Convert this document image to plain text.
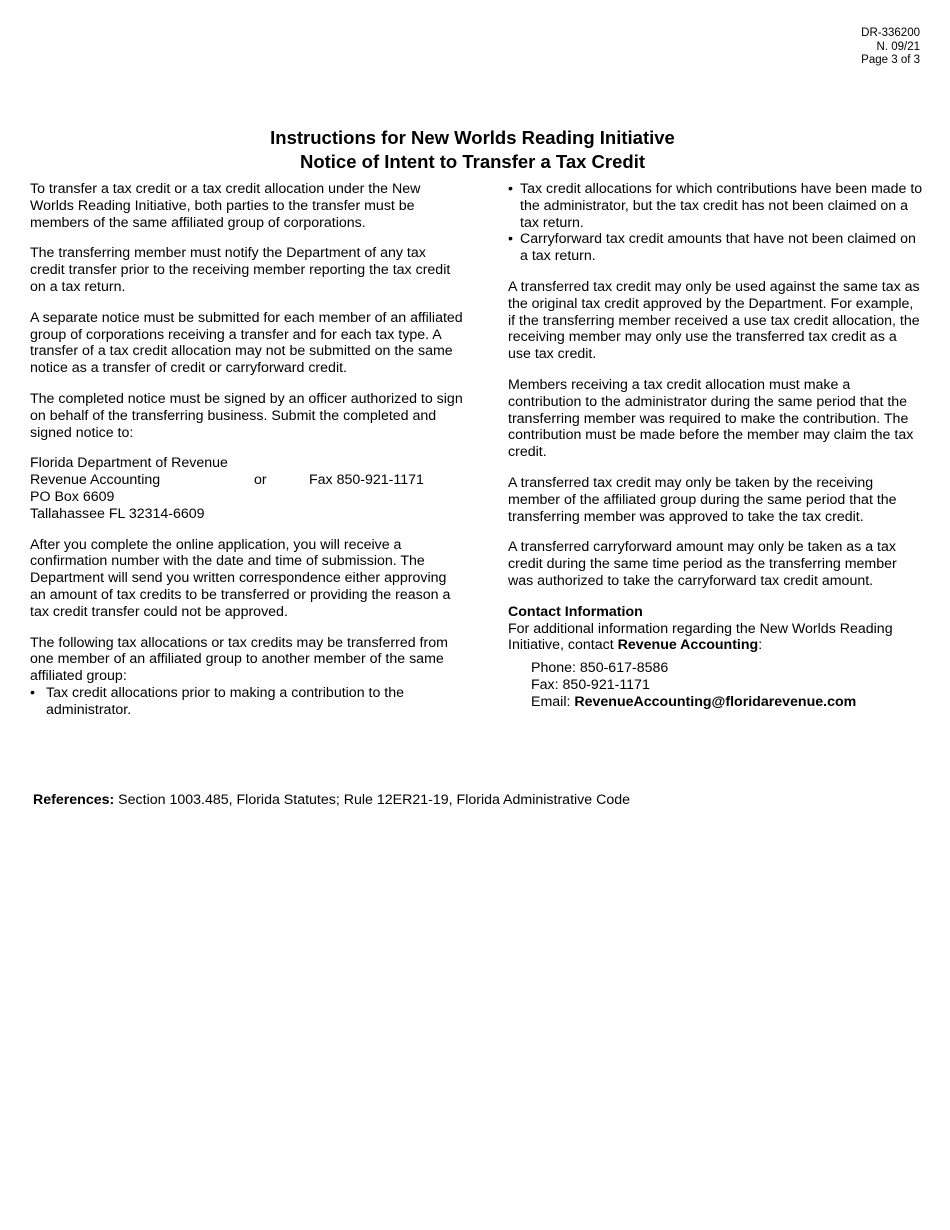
DR-336200
N. 09/21
Page 3 of 3
Instructions for New Worlds Reading Initiative
Notice of Intent to Transfer a Tax Credit

To transfer a tax credit or a tax credit allocation under the New Worlds Reading Initiative, both parties to the transfer must be members of the same affiliated group of corporations.

The transferring member must notify the Department of any tax credit transfer prior to the receiving member reporting the tax credit on a tax return.

A separate notice must be submitted for each member of an affiliated group of corporations receiving a transfer and for each tax type. A transfer of a tax credit allocation may not be submitted on the same notice as a transfer of credit or carryforward credit.

The completed notice must be signed by an officer authorized to sign on behalf of the transferring business. Submit the completed and signed notice to:

Florida Department of Revenue
Revenue Accounting	or	Fax 850-921-1171
PO Box 6609
Tallahassee FL 32314-6609

After you complete the online application, you will receive a confirmation number with the date and time of submission. The Department will send you written correspondence either approving an amount of tax credits to be transferred or providing the reason a tax credit transfer could not be approved.

The following tax allocations or tax credits may be transferred from one member of an affiliated group to another member of the same affiliated group:

• Tax credit allocations prior to making a contribution to the administrator.
• Tax credit allocations for which contributions have been made to the administrator, but the tax credit has not been claimed on a tax return.
• Carryforward tax credit amounts that have not been claimed on a tax return.

A transferred tax credit may only be used against the same tax as the original tax credit approved by the Department. For example, if the transferring member received a use tax credit allocation, the receiving member may only use the transferred tax credit as a use tax credit.

Members receiving a tax credit allocation must make a contribution to the administrator during the same period that the transferring member was required to make the contribution. The contribution must be made before the member may claim the tax credit.

A transferred tax credit may only be taken by the receiving member of the affiliated group during the same period that the transferring member was approved to take the tax credit.

A transferred carryforward amount may only be taken as a tax credit during the same time period as the transferring member was authorized to take the carryforward tax credit amount.

Contact Information
For additional information regarding the New Worlds Reading Initiative, contact Revenue Accounting:
Phone: 850-617-8586
Fax: 850-921-1171
Email: RevenueAccounting@floridarevenue.com
References: Section 1003.485, Florida Statutes; Rule 12ER21-19, Florida Administrative Code
